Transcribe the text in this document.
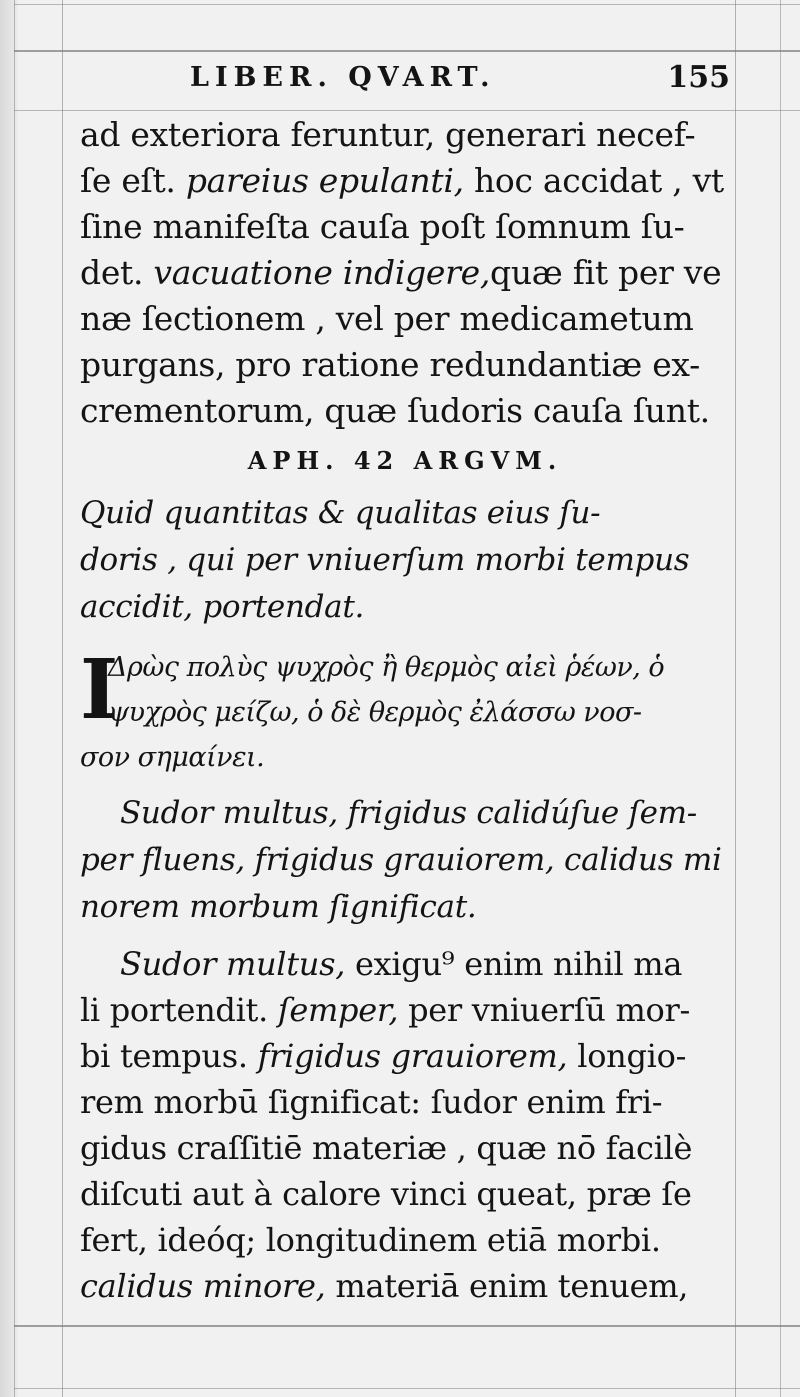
LIBER. QVART.	155
ad exteriora feruntur, generari necef-
ſe eſt. pareius epulanti, hoc accidat , vt
ſine manifeſta cauſa poſt ſomnum ſu-
det. vacuatione indigere,quæ fit per ve
næ ſectionem , vel per medicametum
purgans, pro ratione redundantiæ ex-
crementorum, quæ ſudoris cauſa ſunt.
APH. 42 ARGVM.
Quid quantitas & qualitas eius ſu-
doris , qui per vniuerſum morbi tempus
accidit, portendat.
I
Δρὼς πολὺς ψυχρὸς ἢ θερμὸς αἰεὶ ῥέων, ὁ
ψυχρὸς μείζω, ὁ δὲ θερμὸς ἐλάσσω νοσ-
σον σημαίνει.
Sudor multus, frigidus calidúſue ſem-
per fluens, frigidus grauiorem, calidus mi
norem morbum ſignificat.
Sudor multus, exigu⁹ enim nihil ma
li portendit. ſemper, per vniuerſū mor-
bi tempus. frigidus grauiorem, longio-
rem morbū ſignificat: ſudor enim fri-
gidus craſſitiē materiæ , quæ nō facilè
diſcuti aut à calore vinci queat, præ ſe
fert, ideóq; longitudinem etiā morbi.
calidus minore, materiā enim tenuem,
